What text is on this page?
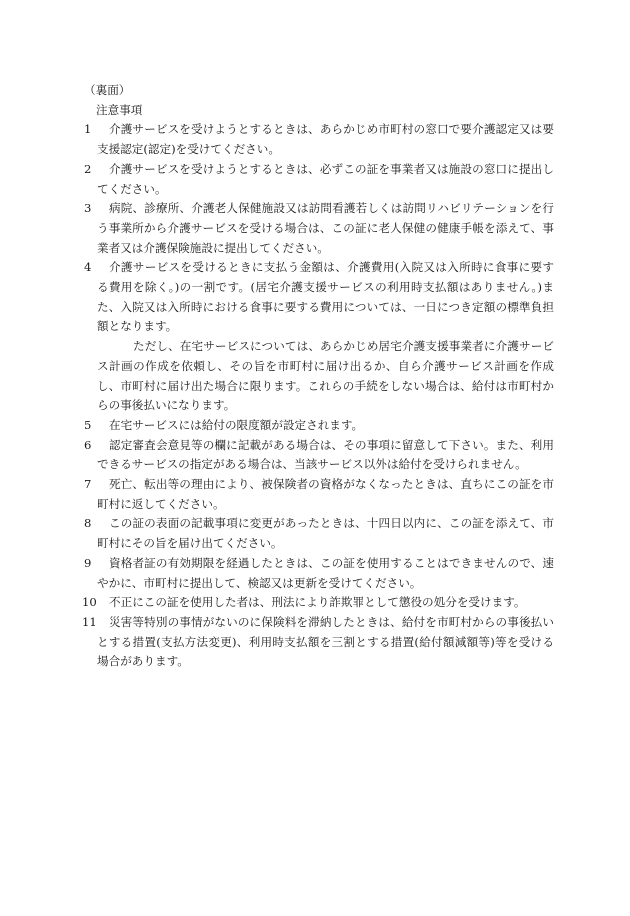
（裏面）
注意事項
1	介護サービスを受けようとするときは、あらかじめ市町村の窓口で要介護認定又は要支援認定(認定)を受けてください。
2	介護サービスを受けようとするときは、必ずこの証を事業者又は施設の窓口に提出してください。
3	病院、診療所、介護老人保健施設又は訪問看護若しくは訪問リハビリテーションを行う事業所から介護サービスを受ける場合は、この証に老人保健の健康手帳を添えて、事業者又は介護保険施設に提出してください。
4	介護サービスを受けるときに支払う金額は、介護費用(入院又は入所時に食事に要する費用を除く。)の一割です。(居宅介護支援サービスの利用時支払額はありません。)また、入院又は入所時における食事に要する費用については、一日につき定額の標準負担額となります。
ただし、在宅サービスについては、あらかじめ居宅介護支援事業者に介護サービス計画の作成を依頼し、その旨を市町村に届け出るか、自ら介護サービス計画を作成し、市町村に届け出た場合に限ります。これらの手続をしない場合は、給付は市町村からの事後払いになります。
5	在宅サービスには給付の限度額が設定されます。
6	認定審査会意見等の欄に記載がある場合は、その事項に留意して下さい。また、利用できるサービスの指定がある場合は、当該サービス以外は給付を受けられません。
7	死亡、転出等の理由により、被保険者の資格がなくなったときは、直ちにこの証を市町村に返してください。
8	この証の表面の記載事項に変更があったときは、十四日以内に、この証を添えて、市町村にその旨を届け出てください。
9	資格者証の有効期限を経過したときは、この証を使用することはできませんので、速やかに、市町村に提出して、検認又は更新を受けてください。
10	不正にこの証を使用した者は、刑法により詐欺罪として懲役の処分を受けます。
11	災害等特別の事情がないのに保険料を滞納したときは、給付を市町村からの事後払いとする措置(支払方法変更)、利用時支払額を三割とする措置(給付額減額等)等を受ける場合があります。
